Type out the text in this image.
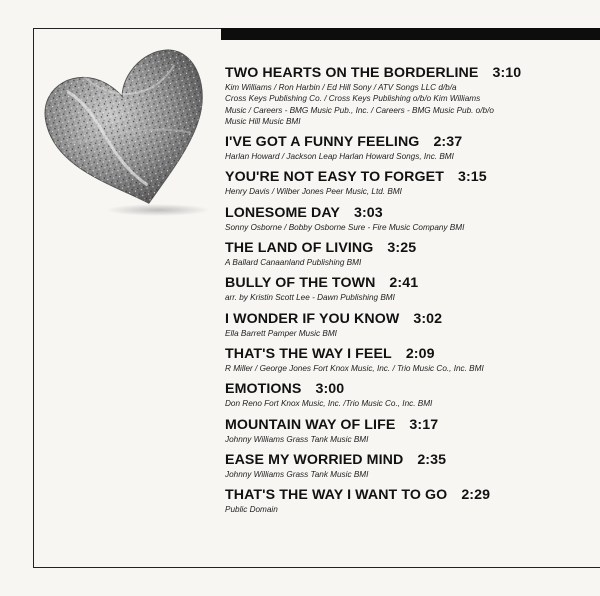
TWO HEARTS ON THE BORDERLINE 3:10
Kim Williams / Ron Harbin / Ed Hill Sony / ATV Songs LLC d/b/a
Cross Keys Publishing Co. / Cross Keys Publishing o/b/o Kim Williams
Music / Careers - BMG Music Pub., Inc. / Careers - BMG Music Pub. o/b/o
Music Hill Music BMI
I'VE GOT A FUNNY FEELING 2:37
Harlan Howard / Jackson Leap Harlan Howard Songs, Inc. BMI
YOU'RE NOT EASY TO FORGET 3:15
Henry Davis / Wilber Jones Peer Music, Ltd. BMI
LONESOME DAY 3:03
Sonny Osborne / Bobby Osborne Sure - Fire Music Company BMI
THE LAND OF LIVING 3:25
A Ballard Canaanland Publishing BMI
BULLY OF THE TOWN 2:41
arr. by Kristin Scott Lee - Dawn Publishing BMI
I WONDER IF YOU KNOW 3:02
Ella Barrett Pamper Music BMI
THAT'S THE WAY I FEEL 2:09
R Miller / George Jones Fort Knox Music, Inc. / Trio Music Co., Inc. BMI
EMOTIONS 3:00
Don Reno Fort Knox Music, Inc. /Trio Music Co., Inc. BMI
MOUNTAIN WAY OF LIFE 3:17
Johnny Williams Grass Tank Music BMI
EASE MY WORRIED MIND 2:35
Johnny Williams Grass Tank Music BMI
THAT'S THE WAY I WANT TO GO 2:29
Public Domain
